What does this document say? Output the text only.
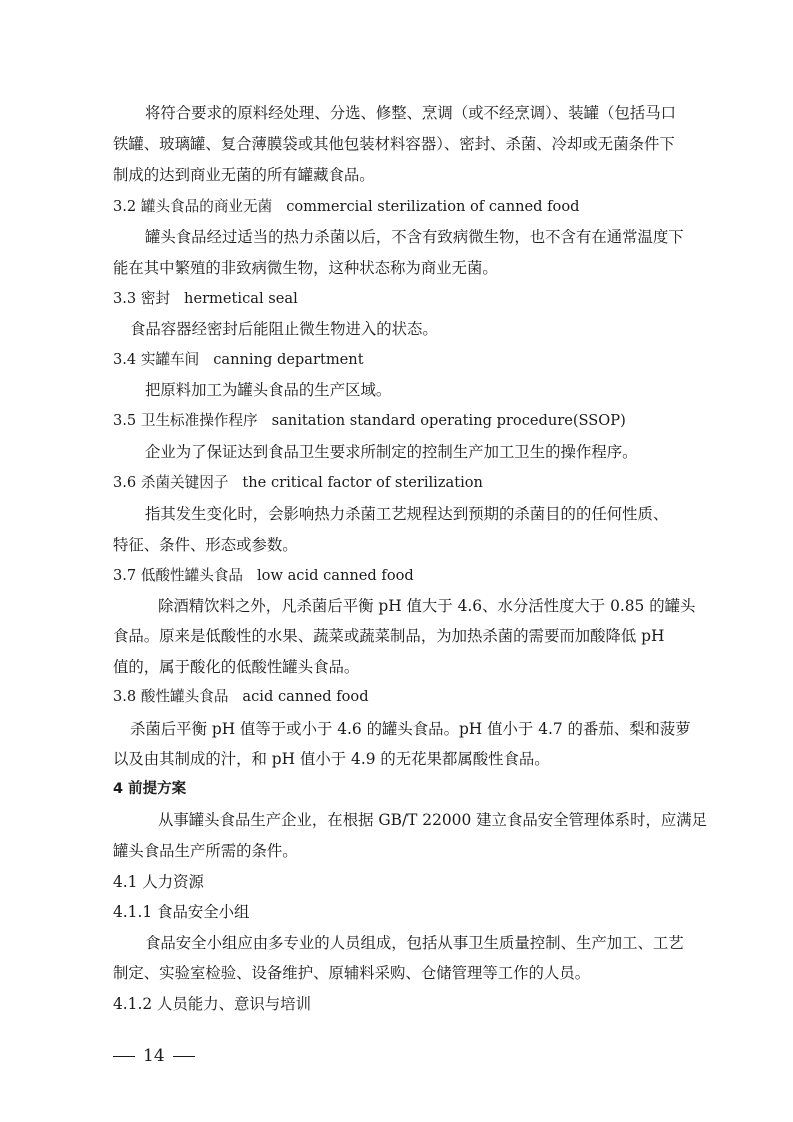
将符合要求的原料经处理、分选、修整、烹调（或不经烹调）、装罐（包括马口
铁罐、玻璃罐、复合薄膜袋或其他包装材料容器）、密封、杀菌、冷却或无菌条件下
制成的达到商业无菌的所有罐藏食品。
3.2 罐头食品的商业无菌 commercial sterilization of canned food
罐头食品经过适当的热力杀菌以后，不含有致病微生物，也不含有在通常温度下
能在其中繁殖的非致病微生物，这种状态称为商业无菌。
3.3 密封 hermetical seal
食品容器经密封后能阻止微生物进入的状态。
3.4 实罐车间 canning department
把原料加工为罐头食品的生产区域。
3.5 卫生标准操作程序 sanitation standard operating procedure(SSOP)
企业为了保证达到食品卫生要求所制定的控制生产加工卫生的操作程序。
3.6 杀菌关键因子 the critical factor of sterilization
指其发生变化时，会影响热力杀菌工艺规程达到预期的杀菌目的的任何性质、
特征、条件、形态或参数。
3.7 低酸性罐头食品 low acid canned food
除酒精饮料之外，凡杀菌后平衡 pH 值大于 4.6、水分活性度大于 0.85 的罐头
食品。原来是低酸性的水果、蔬菜或蔬菜制品，为加热杀菌的需要而加酸降低 pH
值的，属于酸化的低酸性罐头食品。
3.8 酸性罐头食品 acid canned food
杀菌后平衡 pH 值等于或小于 4.6 的罐头食品。pH 值小于 4.7 的番茄、梨和菠萝
以及由其制成的汁，和 pH 值小于 4.9 的无花果都属酸性食品。
4 前提方案
从事罐头食品生产企业，在根据 GB/T 22000 建立食品安全管理体系时，应满足
罐头食品生产所需的条件。
4.1 人力资源
4.1.1 食品安全小组
食品安全小组应由多专业的人员组成，包括从事卫生质量控制、生产加工、工艺
制定、实验室检验、设备维护、原辅料采购、仓储管理等工作的人员。
4.1.2 人员能力、意识与培训
14
